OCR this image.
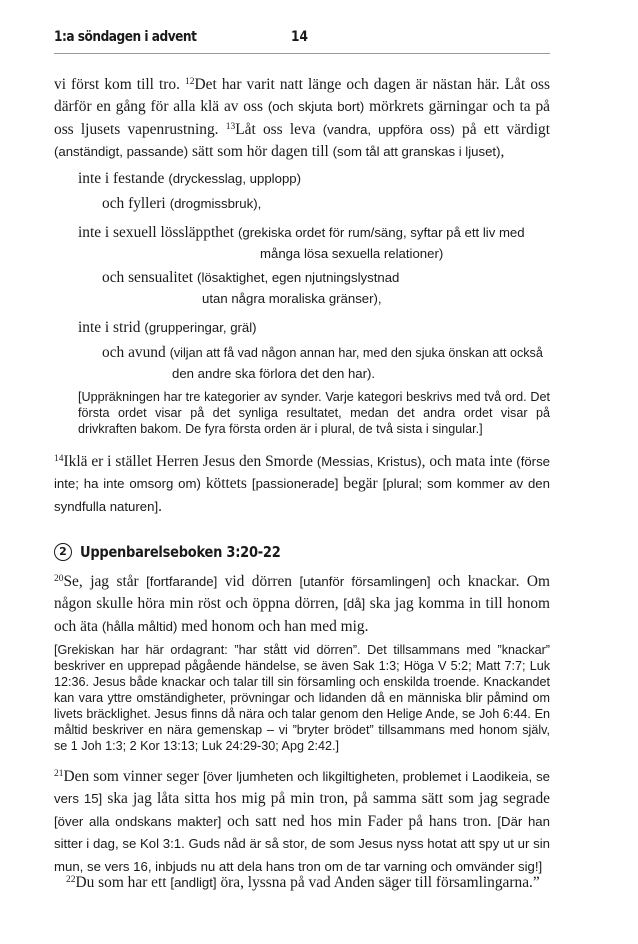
1:a söndagen i advent	14
vi först kom till tro. $^{12}$Det har varit natt länge och dagen är nästan här. Låt oss därför en gång för alla klä av oss (och skjuta bort) mörkrets gärningar och ta på oss ljusets vapenrustning. $^{13}$Låt oss leva (vandra, uppföra oss) på ett värdigt (anständigt, passande) sätt som hör dagen till (som tål att granskas i ljuset),
inte i festande (dryckesslag, upplopp)
och fylleri (drogmissbruk),
inte i sexuell lössläppthet (grekiska ordet för rum/säng, syftar på ett liv med
många lösa sexuella relationer)
och sensualitet (lösaktighet, egen njutningslystnad
utan några moraliska gränser),
inte i strid (grupperingar, gräl)
och avund (viljan att få vad någon annan har, med den sjuka önskan att också
den andre ska förlora det den har).
[Uppräkningen har tre kategorier av synder. Varje kategori beskrivs med två ord. Det första ordet visar på det synliga resultatet, medan det andra ordet visar på drivkraften bakom. De fyra första orden är i plural, de två sista i singular.]
$^{14}$Iklä er i stället Herren Jesus den Smorde (Messias, Kristus), och mata inte (förse inte; ha inte omsorg om) köttets [passionerade] begär [plural; som kommer av den syndfulla naturen].
2 Uppenbarelseboken 3:20-22
$^{20}$Se, jag står [fortfarande] vid dörren [utanför församlingen] och knackar. Om någon skulle höra min röst och öppna dörren, [då] ska jag komma in till honom och äta (hålla måltid) med honom och han med mig.
[Grekiskan har här ordagrant: ”har stått vid dörren”. Det tillsammans med ”knackar” beskriver en upprepad pågående händelse, se även Sak 1:3; Höga V 5:2; Matt 7:7; Luk 12:36. Jesus både knackar och talar till sin församling och enskilda troende. Knackandet kan vara yttre omständigheter, prövningar och lidanden då en människa blir påmind om livets bräcklighet. Jesus finns då nära och talar genom den Helige Ande, se Joh 6:44. En måltid beskriver en nära gemenskap – vi ”bryter brödet” tillsammans med honom själv, se 1 Joh 1:3; 2 Kor 13:13; Luk 24:29-30; Apg 2:42.]
$^{21}$Den som vinner seger [över ljumheten och likgiltigheten, problemet i Laodikeia, se vers 15] ska jag låta sitta hos mig på min tron, på samma sätt som jag segrade [över alla ondskans makter] och satt ned hos min Fader på hans tron. [Där han sitter i dag, se Kol 3:1. Guds nåd är så stor, de som Jesus nyss hotat att spy ut ur sin mun, se vers 16, inbjuds nu att dela hans tron om de tar varning och omvänder sig!]
$^{22}$Du som har ett [andligt] öra, lyssna på vad Anden säger till församlingarna.”
